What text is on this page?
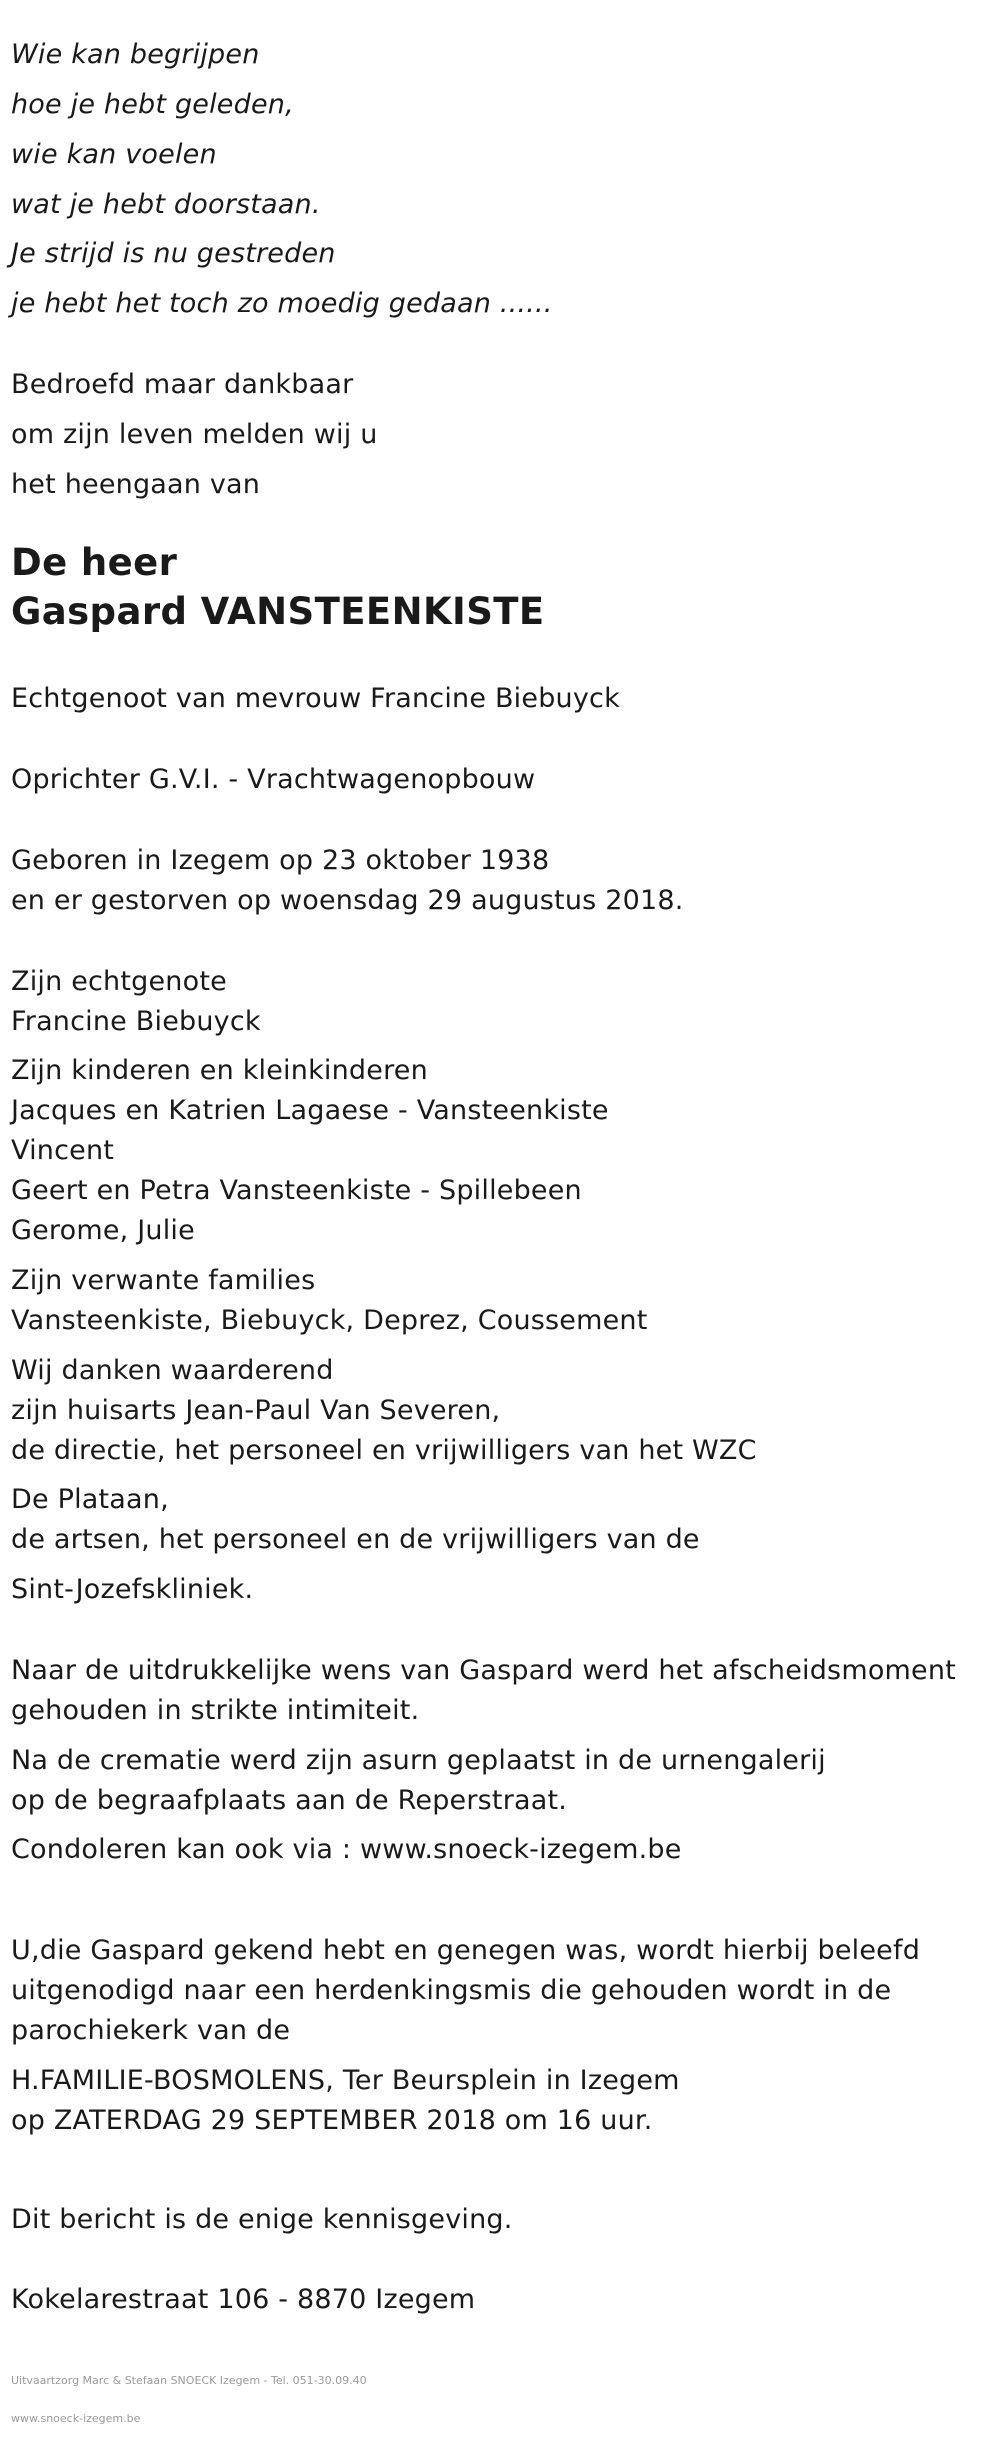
Wie kan begrijpen
hoe je hebt geleden,
wie kan voelen
wat je hebt doorstaan.
Je strijd is nu gestreden
je hebt het toch zo moedig gedaan ......
Bedroefd maar dankbaar
om zijn leven melden wij u
het heengaan van
De heer
Gaspard VANSTEENKISTE
Echtgenoot van mevrouw Francine Biebuyck
Oprichter G.V.I. - Vrachtwagenopbouw
Geboren in Izegem op 23 oktober 1938
en er gestorven op woensdag 29 augustus 2018.
Zijn echtgenote
Francine Biebuyck
Zijn kinderen en kleinkinderen
Jacques en Katrien Lagaese - Vansteenkiste
Vincent
Geert en Petra Vansteenkiste - Spillebeen
Gerome, Julie
Zijn verwante families
Vansteenkiste, Biebuyck, Deprez, Coussement
Wij danken waarderend
zijn huisarts Jean-Paul Van Severen,
de directie, het personeel en vrijwilligers van het WZC
De Plataan,
de artsen, het personeel en de vrijwilligers van de
Sint-Jozefskliniek.
Naar de uitdrukkelijke wens van Gaspard werd het afscheidsmoment
gehouden in strikte intimiteit.
Na de crematie werd zijn asurn geplaatst in de urnengalerij
op de begraafplaats aan de Reperstraat.
Condoleren kan ook via : www.snoeck-izegem.be
U,die Gaspard gekend hebt en genegen was, wordt hierbij beleefd
uitgenodigd naar een herdenkingsmis die gehouden wordt in de
parochiekerk van de
H.FAMILIE-BOSMOLENS, Ter Beursplein in Izegem
op ZATERDAG 29 SEPTEMBER 2018 om 16 uur.
Dit bericht is de enige kennisgeving.
Kokelarestraat 106 - 8870 Izegem
Uitvaartzorg Marc & Stefaan SNOECK Izegem - Tel. 051-30.09.40
www.snoeck-izegem.be
